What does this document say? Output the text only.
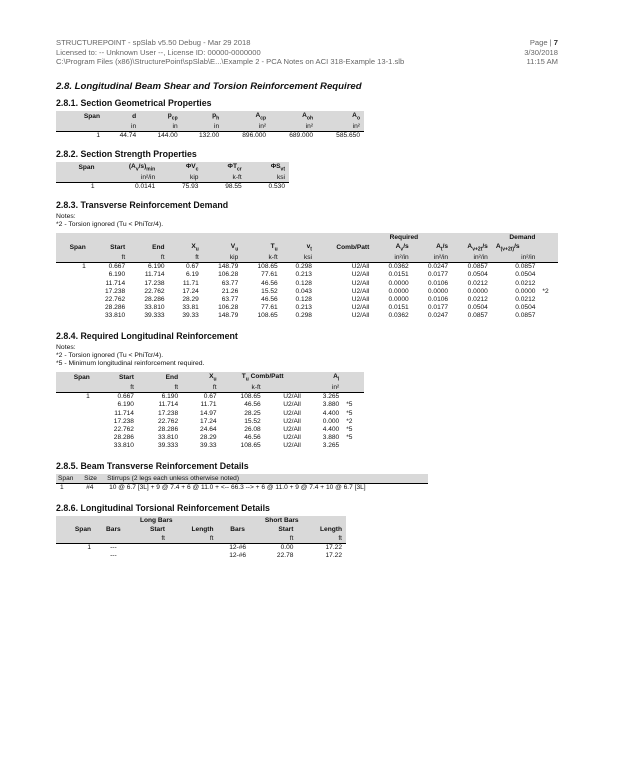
STRUCTUREPOINT - spSlab v5.50 Debug - Mar 29 2018
Licensed to: -- Unknown User --, License ID: 00000-0000000
C:\Program Files (x86)\StructurePoint\spSlab\E...\Example 2 - PCA Notes on ACI 318-Example 13-1.slb
Page | 7
3/30/2018
11:15 AM
2.8. Longitudinal Beam Shear and Torsion Reinforcement Required
2.8.1. Section Geometrical Properties
Span	d	$p_{cp}$	$p_h$	$A_{cp}$	$A_{oh}$	$A_o$
	in	in	in	in²	in²	in²
1	44.74	144.00	132.00	896.000	689.000	585.650
2.8.2. Section Strength Properties
Span	$(A_v/s)_{min}$	$\Phi V_c$	$\Phi T_{cr}$	$\Phi S_{vt}$
	in²/in	kip	k-ft	ksi
1	0.0141	75.93	98.55	0.530
2.8.3. Transverse Reinforcement Demand
Notes:
*2 - Torsion ignored (Tu < PhiTcr/4).
							Required				Demand	
Span	Start	End	$X_u$	$V_u$	$T_u$	$v_t$	Comb/Patt	$A_v/s$	$A_t/s$	$A_{v+2t}/s$	$A_{(v+2t)}/s$	
	ft	ft	ft	kip	k-ft	ksi		in²/in	in²/in	in²/in	in²/in	
1	0.667	6.190	0.67	148.79	108.65	0.298	U2/All	0.0362	0.0247	0.0857	0.0857	
	6.190	11.714	6.19	106.28	77.61	0.213	U2/All	0.0151	0.0177	0.0504	0.0504	
	11.714	17.238	11.71	63.77	46.56	0.128	U2/All	0.0000	0.0106	0.0212	0.0212	
	17.238	22.762	17.24	21.26	15.52	0.043	U2/All	0.0000	0.0000	0.0000	0.0000	*2
	22.762	28.286	28.29	63.77	46.56	0.128	U2/All	0.0000	0.0106	0.0212	0.0212	
	28.286	33.810	33.81	106.28	77.61	0.213	U2/All	0.0151	0.0177	0.0504	0.0504	
	33.810	39.333	39.33	148.79	108.65	0.298	U2/All	0.0362	0.0247	0.0857	0.0857	
2.8.4. Required Longitudinal Reinforcement
Notes:
*2 - Torsion ignored (Tu < PhiTcr/4).
*5 - Minimum longitudinal reinforcement required.
Span	Start	End	$X_u$	$T_u$ Comb/Patt		$A_l$	
	ft	ft	ft	k-ft		in²	
1	0.667	6.190	0.67	108.65	U2/All	3.265	
	6.190	11.714	11.71	46.56	U2/All	3.880	*5
	11.714	17.238	14.97	28.25	U2/All	4.400	*5
	17.238	22.762	17.24	15.52	U2/All	0.000	*2
	22.762	28.286	24.64	26.08	U2/All	4.400	*5
	28.286	33.810	28.29	46.56	U2/All	3.880	*5
	33.810	39.333	39.33	108.65	U2/All	3.265	
2.8.5. Beam Transverse Reinforcement Details
Span	Size	Stirrups (2 legs each unless otherwise noted)
1	#4	10 @ 6.7 [3L] + 9 @ 7.4 + 6 @ 11.0 + <-- 66.3 --> + 6 @ 11.0 + 9 @ 7.4 + 10 @ 6.7 [3L]
2.8.6. Longitudinal Torsional Reinforcement Details
	Long Bars			Short Bars		
Span	Bars	Start	Length	Bars	Start	Length
		ft	ft		ft	ft
1	---			12-#6	0.00	17.22
	---			12-#6	22.78	17.22
